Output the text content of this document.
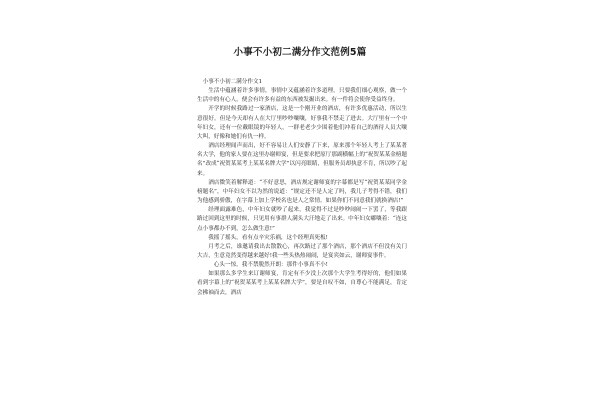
小事不小初二满分作文范例5篇

小事不小初二满分作文1

生活中蕴涵着许多事情，事情中又蕴涵着许多道理。只要我们细心观察，做一个生活中的有心人，便会有许多有益的东西被发掘出来。有一件将会使你受益终身。

开学的时候我路过一家酒店，这是一个刚开业的酒店，有许多优惠活动，所以生意很好。但是今天却有人在大厅里吵吵嚷嚷，好事我不禁走了进去。大厅里有一个中年妇女，还有一位戴眼镜的年轻人，一群老老少少围着他们冲着自己的酒待人员大嚷大叫，好像和她们有仇一样。

酒店经理闻声而出，好不容易让人们安静了下来，原来那个年轻人考上了某某著名大学，他的家人要在这里办谢师宴，但是要求把原厅那副横幅上的“祝贺某某金榜题名”改成“祝贺某某考上某某名牌大学”以闪亮眼睛，但服务员却执意不肯，所以吵了起来。

酒店微笑着解释道：“不好意思，酒店规定谢师宴的字幕都是写“祝贺某某同学金榜题名”，中年妇女不以为然的说道：“规定还不是人定了吗，我儿子考得不错，我们为他感到骄傲，在字幕上加上学校名也是人之常情。如果你们不同意我们就换酒店!”

经理面露难色，中年妇女就吵了起来，我觉得不过是吵吵闹闹一下罢了，等我跟路过回到这里的时候，只见用有事群人满头大汗地走了出来。中年妇女嘟嚷着：“连这点小事都办不到，怎么做生意!”

我摇了摇头，看有点辛灾乐祸，这个经理真死板!

月考之后，谁邀请我出去散散心，再次路过了那个酒店，那个酒店不但没有关门大吉，生意竟然变得越来越好!我一些头热热闹闹，是宴宾如云，谢师宴事件。

心头一惊，我不禁脱然开朗：那件小事真不小!

如果那么多学生来订谢师宴，肯定有不少没上次那个大学生考得好的，他们如果看到字幕上的“祝贺某某考上某某名牌大学”，要是自叹不如，自尊心不能满足，肯定会拂袖而去，酒店
